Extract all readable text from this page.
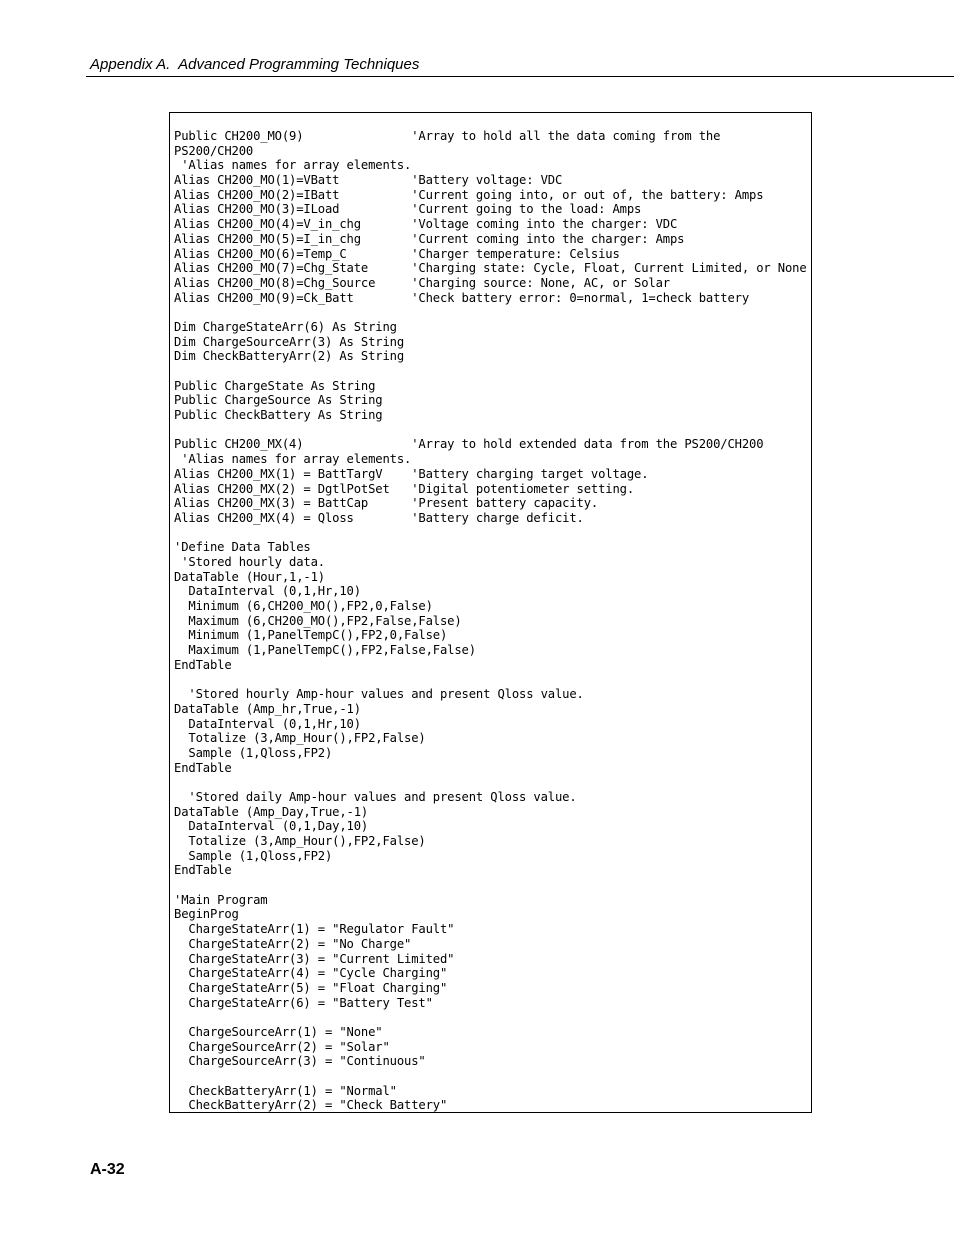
Appendix A.  Advanced Programming Techniques
Public CH200_MO(9)               'Array to hold all the data coming from the
PS200/CH200
'Alias names for array elements.
Alias CH200_MO(1)=VBatt          'Battery voltage: VDC
Alias CH200_MO(2)=IBatt          'Current going into, or out of, the battery: Amps
Alias CH200_MO(3)=ILoad          'Current going to the load: Amps
Alias CH200_MO(4)=V_in_chg       'Voltage coming into the charger: VDC
Alias CH200_MO(5)=I_in_chg       'Current coming into the charger: Amps
Alias CH200_MO(6)=Temp_C         'Charger temperature: Celsius
Alias CH200_MO(7)=Chg_State      'Charging state: Cycle, Float, Current Limited, or None
Alias CH200_MO(8)=Chg_Source     'Charging source: None, AC, or Solar
Alias CH200_MO(9)=Ck_Batt        'Check battery error: 0=normal, 1=check battery
Dim ChargeStateArr(6) As String
Dim ChargeSourceArr(3) As String
Dim CheckBatteryArr(2) As String
Public ChargeState As String
Public ChargeSource As String
Public CheckBattery As String
Public CH200_MX(4)               'Array to hold extended data from the PS200/CH200
'Alias names for array elements.
Alias CH200_MX(1) = BattTargV    'Battery charging target voltage.
Alias CH200_MX(2) = DgtlPotSet   'Digital potentiometer setting.
Alias CH200_MX(3) = BattCap      'Present battery capacity.
Alias CH200_MX(4) = Qloss        'Battery charge deficit.
'Define Data Tables
'Stored hourly data.
DataTable (Hour,1,-1)
DataInterval (0,1,Hr,10)
Minimum (6,CH200_MO(),FP2,0,False)
Maximum (6,CH200_MO(),FP2,False,False)
Minimum (1,PanelTempC(),FP2,0,False)
Maximum (1,PanelTempC(),FP2,False,False)
EndTable
'Stored hourly Amp-hour values and present Qloss value.
DataTable (Amp_hr,True,-1)
DataInterval (0,1,Hr,10)
Totalize (3,Amp_Hour(),FP2,False)
Sample (1,Qloss,FP2)
EndTable
'Stored daily Amp-hour values and present Qloss value.
DataTable (Amp_Day,True,-1)
DataInterval (0,1,Day,10)
Totalize (3,Amp_Hour(),FP2,False)
Sample (1,Qloss,FP2)
EndTable
'Main Program
BeginProg
ChargeStateArr(1) = "Regulator Fault"
ChargeStateArr(2) = "No Charge"
ChargeStateArr(3) = "Current Limited"
ChargeStateArr(4) = "Cycle Charging"
ChargeStateArr(5) = "Float Charging"
ChargeStateArr(6) = "Battery Test"
ChargeSourceArr(1) = "None"
ChargeSourceArr(2) = "Solar"
ChargeSourceArr(3) = "Continuous"
CheckBatteryArr(1) = "Normal"
CheckBatteryArr(2) = "Check Battery"
A-32
